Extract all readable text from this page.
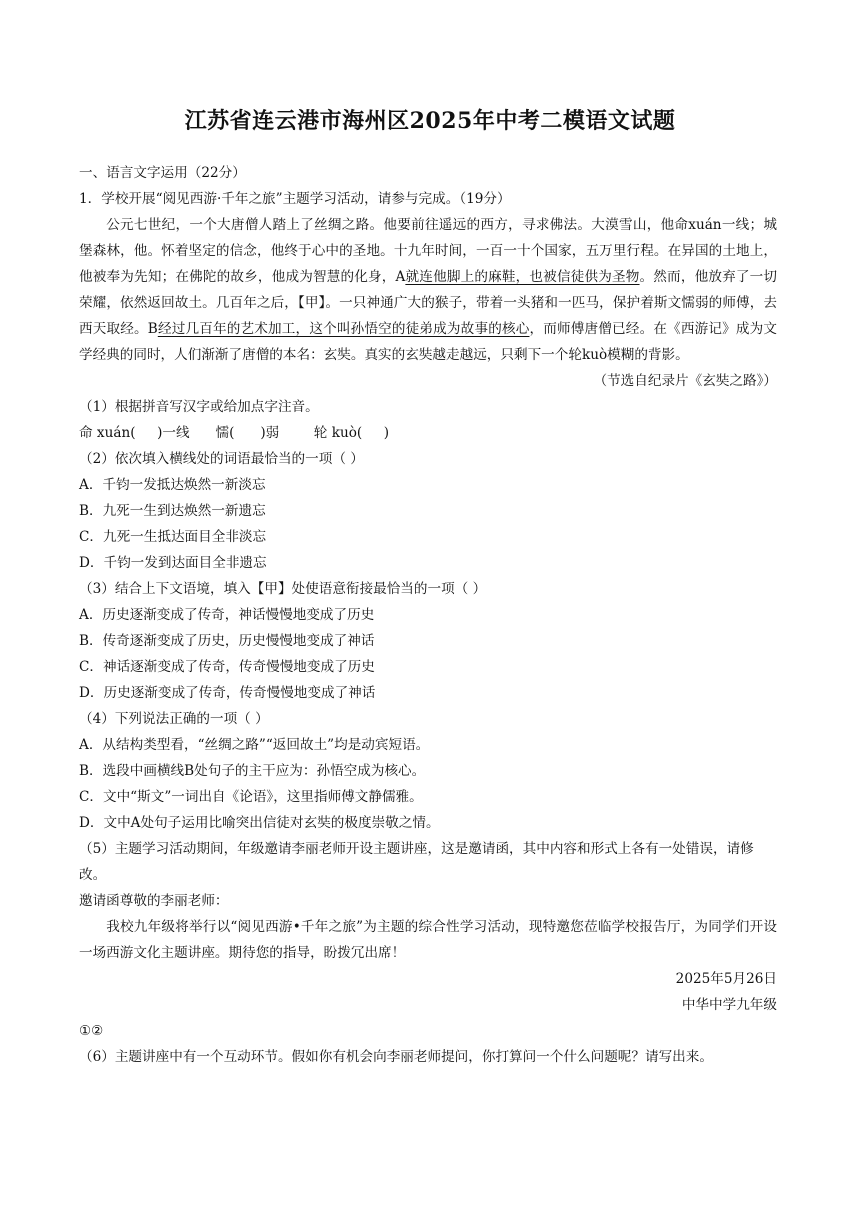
江苏省连云港市海州区2025年中考二模语文试题

一、语言文字运用（22分）

1．学校开展“阅见西游·千年之旅”主题学习活动，请参与完成。（19分）

公元七世纪，一个大唐僧人踏上了丝绸之路。他要前往遥远的西方，寻求佛法。大漠雪山，他命xuán一线；城堡森林，他。怀着坚定的信念，他终于心中的圣地。十九年时间，一百一十个国家，五万里行程。在异国的土地上，他被奉为先知；在佛陀的故乡，他成为智慧的化身，A就连他脚上的麻鞋，也被信徒供为圣物。然而，他放弃了一切荣耀，依然返回故土。几百年之后，【甲】。一只神通广大的猴子，带着一头猪和一匹马，保护着斯文懦弱的师傅，去西天取经。B经过几百年的艺术加工，这个叫孙悟空的徒弟成为故事的核心，而师傅唐僧已经。在《西游记》成为文学经典的同时，人们渐渐了唐僧的本名：玄奘。真实的玄奘越走越远，只剩下一个轮kuò模糊的背影。

（节选自纪录片《玄奘之路》）

（1）根据拼音写汉字或给加点字注音。

命 xuán(     )一线      懦(      )弱        轮 kuò(     )

（2）依次填入横线处的词语最恰当的一项（ ）

A．千钧一发抵达焕然一新淡忘

B．九死一生到达焕然一新遗忘

C．九死一生抵达面目全非淡忘

D．千钧一发到达面目全非遗忘

（3）结合上下文语境，填入【甲】处使语意衔接最恰当的一项（ ）

A．历史逐渐变成了传奇，神话慢慢地变成了历史

B．传奇逐渐变成了历史，历史慢慢地变成了神话

C．神话逐渐变成了传奇，传奇慢慢地变成了历史

D．历史逐渐变成了传奇，传奇慢慢地变成了神话

（4）下列说法正确的一项（ ）

A．从结构类型看，“丝绸之路”“返回故土”均是动宾短语。

B．选段中画横线B处句子的主干应为：孙悟空成为核心。

C．文中“斯文”一词出自《论语》，这里指师傅文静儒雅。

D．文中A处句子运用比喻突出信徒对玄奘的极度崇敬之情。

（5）主题学习活动期间，年级邀请李丽老师开设主题讲座，这是邀请函，其中内容和形式上各有一处错误，请修改。

邀请函尊敬的李丽老师：

我校九年级将举行以“阅见西游•千年之旅”为主题的综合性学习活动，现特邀您莅临学校报告厅，为同学们开设一场西游文化主题讲座。期待您的指导，盼拨冗出席！

2025年5月26日

中华中学九年级

①②

（6）主题讲座中有一个互动环节。假如你有机会向李丽老师提问，你打算问一个什么问题呢？请写出来。
